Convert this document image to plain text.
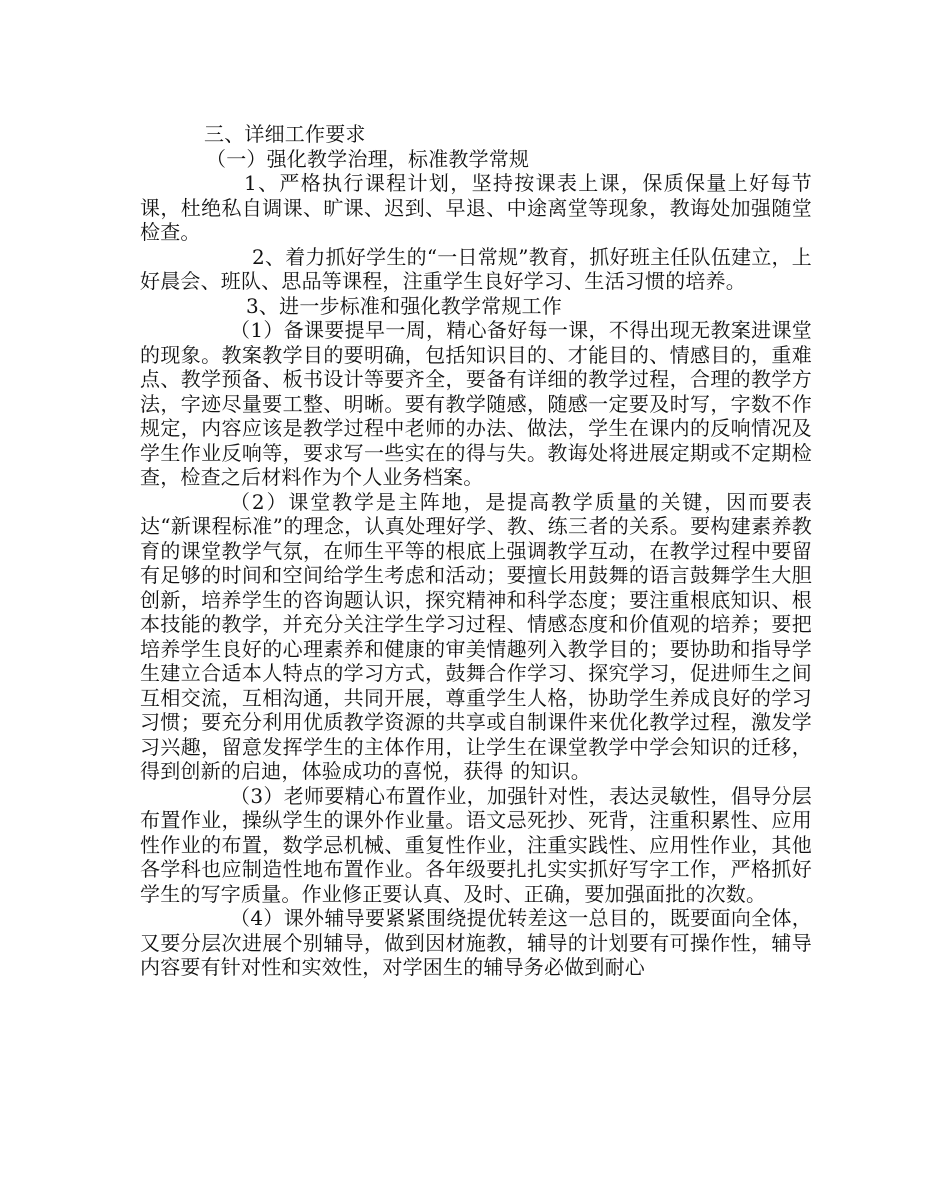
三、详细工作要求
（一）强化教学治理，标准教学常规

1、严格执行课程计划，坚持按课表上课，保质保量上好每节课，杜绝私自调课、旷课、迟到、早退、中途离堂等现象，教诲处加强随堂检查。

2、着力抓好学生的“一日常规”教育，抓好班主任队伍建立，上好晨会、班队、思品等课程，注重学生良好学习、生活习惯的培养。

3、进一步标准和强化教学常规工作

（1）备课要提早一周，精心备好每一课，不得出现无教案进课堂的现象。教案教学目的要明确，包括知识目的、才能目的、情感目的，重难点、教学预备、板书设计等要齐全，要备有详细的教学过程，合理的教学方法，字迹尽量要工整、明晰。要有教学随感，随感一定要及时写，字数不作规定，内容应该是教学过程中老师的办法、做法，学生在课内的反响情况及学生作业反响等，要求写一些实在的得与失。教诲处将进展定期或不定期检查，检查之后材料作为个人业务档案。

（2）课堂教学是主阵地，是提高教学质量的关键，因而要表达“新课程标准”的理念，认真处理好学、教、练三者的关系。要构建素养教育的课堂教学气氛，在师生平等的根底上强调教学互动，在教学过程中要留有足够的时间和空间给学生考虑和活动；要擅长用鼓舞的语言鼓舞学生大胆创新，培养学生的咨询题认识，探究精神和科学态度；要注重根底知识、根本技能的教学，并充分关注学生学习过程、情感态度和价值观的培养；要把培养学生良好的心理素养和健康的审美情趣列入教学目的；要协助和指导学生建立合适本人特点的学习方式，鼓舞合作学习、探究学习，促进师生之间互相交流，互相沟通，共同开展，尊重学生人格，协助学生养成良好的学习习惯；要充分利用优质教学资源的共享或自制课件来优化教学过程，激发学习兴趣，留意发挥学生的主体作用，让学生在课堂教学中学会知识的迁移，得到创新的启迪，体验成功的喜悦，获得 的知识。

（3）老师要精心布置作业，加强针对性，表达灵敏性，倡导分层布置作业，操纵学生的课外作业量。语文忌死抄、死背，注重积累性、应用性作业的布置，数学忌机械、重复性作业，注重实践性、应用性作业，其他各学科也应制造性地布置作业。各年级要扎扎实实抓好写字工作，严格抓好学生的写字质量。作业修正要认真、及时、正确，要加强面批的次数。

（4）课外辅导要紧紧围绕提优转差这一总目的，既要面向全体，又要分层次进展个别辅导，做到因材施教，辅导的计划要有可操作性，辅导内容要有针对性和实效性，对学困生的辅导务必做到耐心
